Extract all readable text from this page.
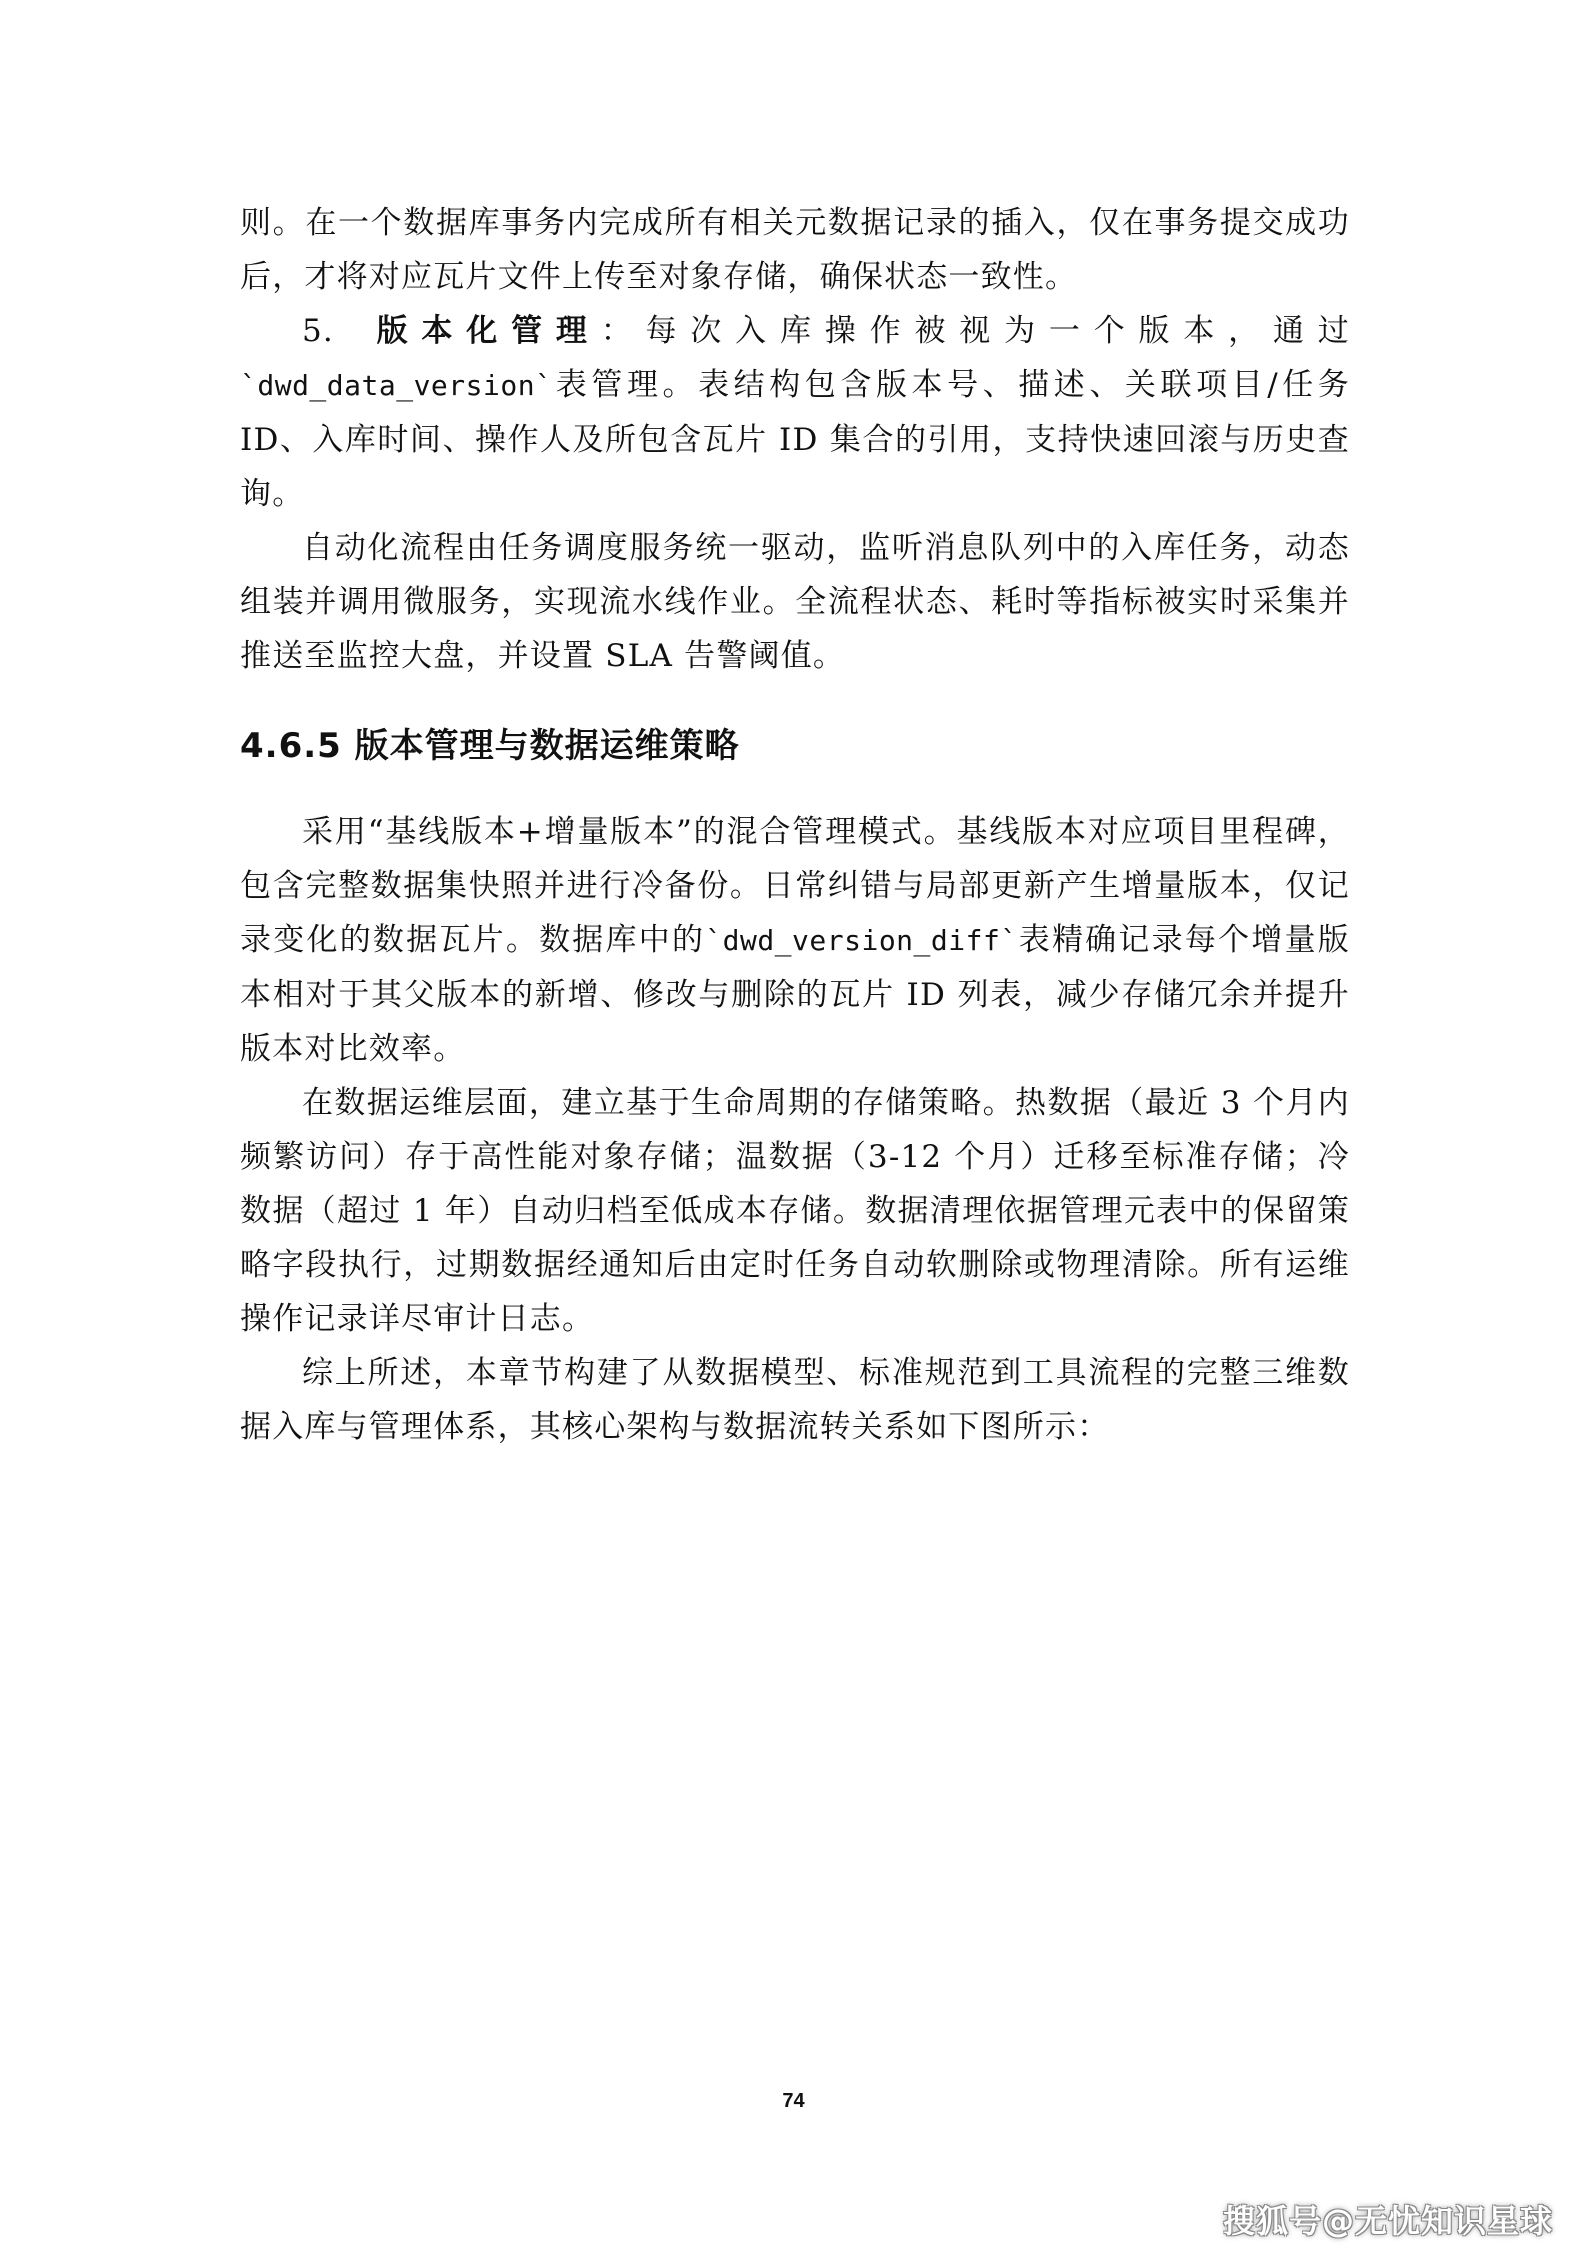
则。在一个数据库事务内完成所有相关元数据记录的插入，仅在事务提交成功后，才将对应瓦片文件上传至对象存储，确保状态一致性。

5. 版本化管理：每次入库操作被视为一个版本，通过`dwd_data_version`表管理。表结构包含版本号、描述、关联项目/任务 ID、入库时间、操作人及所包含瓦片 ID 集合的引用，支持快速回滚与历史查询。

自动化流程由任务调度服务统一驱动，监听消息队列中的入库任务，动态组装并调用微服务，实现流水线作业。全流程状态、耗时等指标被实时采集并推送至监控大盘，并设置 SLA 告警阈值。

4.6.5 版本管理与数据运维策略

采用“基线版本+增量版本”的混合管理模式。基线版本对应项目里程碑，包含完整数据集快照并进行冷备份。日常纠错与局部更新产生增量版本，仅记录变化的数据瓦片。数据库中的`dwd_version_diff`表精确记录每个增量版本相对于其父版本的新增、修改与删除的瓦片 ID 列表，减少存储冗余并提升版本对比效率。

在数据运维层面，建立基于生命周期的存储策略。热数据（最近 3 个月内频繁访问）存于高性能对象存储；温数据（3-12 个月）迁移至标准存储；冷数据（超过 1 年）自动归档至低成本存储。数据清理依据管理元表中的保留策略字段执行，过期数据经通知后由定时任务自动软删除或物理清除。所有运维操作记录详尽审计日志。

综上所述，本章节构建了从数据模型、标准规范到工具流程的完整三维数据入库与管理体系，其核心架构与数据流转关系如下图所示：

74
搜狐号@无忧知识星球
